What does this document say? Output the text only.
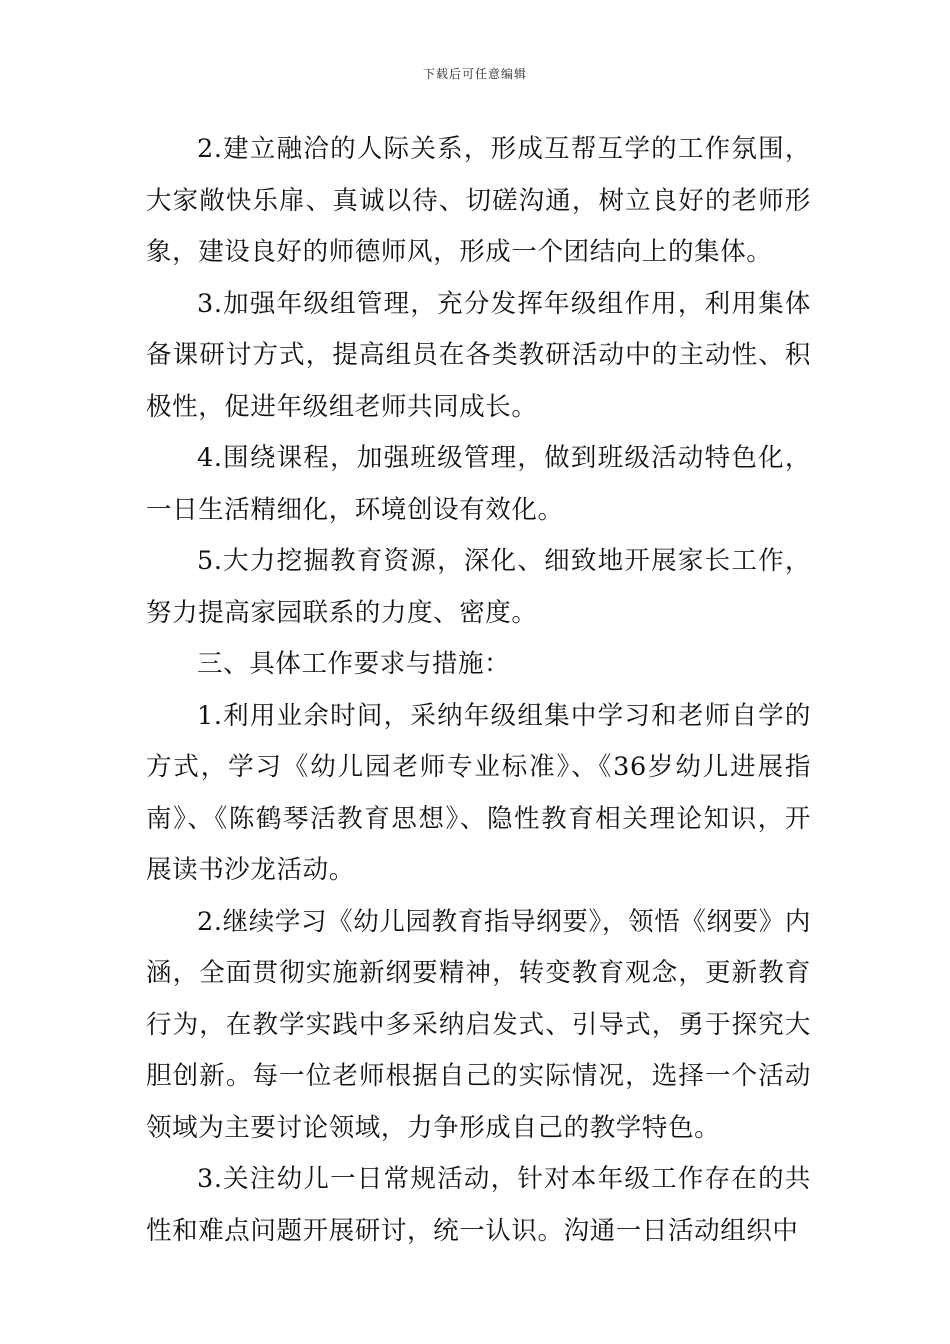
下载后可任意编辑

2.建立融洽的人际关系，形成互帮互学的工作氛围，大家敞快乐扉、真诚以待、切磋沟通，树立良好的老师形象，建设良好的师德师风，形成一个团结向上的集体。

3.加强年级组管理，充分发挥年级组作用，利用集体备课研讨方式，提高组员在各类教研活动中的主动性、积极性，促进年级组老师共同成长。

4.围绕课程，加强班级管理，做到班级活动特色化，一日生活精细化，环境创设有效化。

5.大力挖掘教育资源，深化、细致地开展家长工作，努力提高家园联系的力度、密度。

三、具体工作要求与措施：

1.利用业余时间，采纳年级组集中学习和老师自学的方式，学习《幼儿园老师专业标准》、《36岁幼儿进展指南》、《陈鹤琴活教育思想》、隐性教育相关理论知识，开展读书沙龙活动。

2.继续学习《幼儿园教育指导纲要》，领悟《纲要》内涵，全面贯彻实施新纲要精神，转变教育观念，更新教育行为，在教学实践中多采纳启发式、引导式，勇于探究大胆创新。每一位老师根据自己的实际情况，选择一个活动领域为主要讨论领域，力争形成自己的教学特色。

3.关注幼儿一日常规活动，针对本年级工作存在的共性和难点问题开展研讨，统一认识。沟通一日活动组织中
